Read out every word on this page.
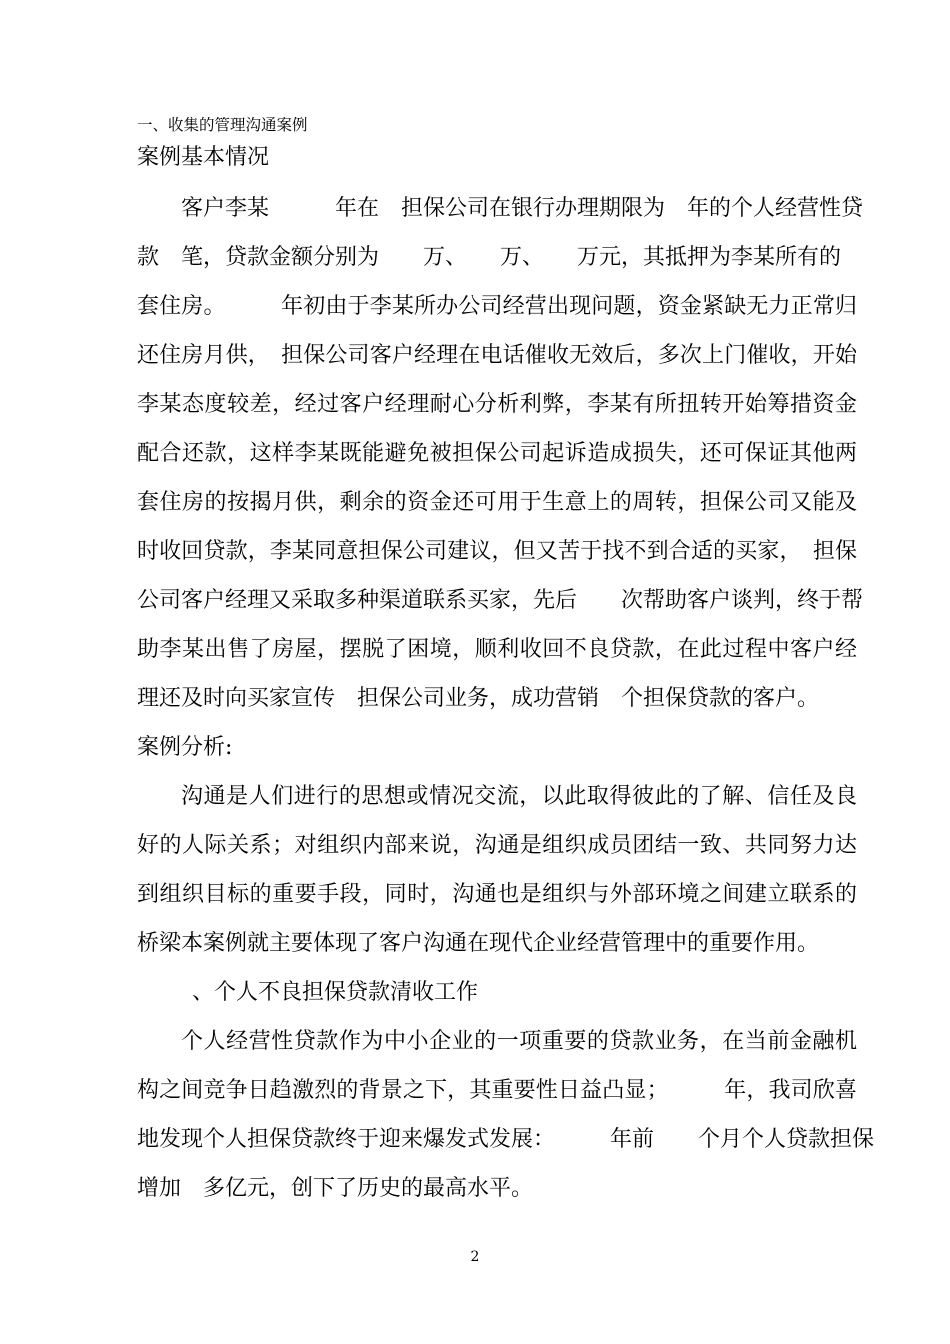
一、收集的管理沟通案例
案例基本情况
客户李某　　　年在　担保公司在银行办理期限为　年的个人经营性贷
款　笔，贷款金额分别为　　万、　　万、　　万元，其抵押为李某所有的
套住房。　　　年初由于李某所办公司经营出现问题，资金紧缺无力正常归
还住房月供，　担保公司客户经理在电话催收无效后，多次上门催收，开始
李某态度较差，经过客户经理耐心分析利弊，李某有所扭转开始筹措资金
配合还款，这样李某既能避免被担保公司起诉造成损失，还可保证其他两
套住房的按揭月供，剩余的资金还可用于生意上的周转，担保公司又能及
时收回贷款，李某同意担保公司建议，但又苦于找不到合适的买家，　担保
公司客户经理又采取多种渠道联系买家，先后　　次帮助客户谈判，终于帮
助李某出售了房屋，摆脱了困境，顺利收回不良贷款，在此过程中客户经
理还及时向买家宣传　担保公司业务，成功营销　个担保贷款的客户。
案例分析:
沟通是人们进行的思想或情况交流，以此取得彼此的了解、信任及良
好的人际关系；对组织内部来说，沟通是组织成员团结一致、共同努力达
到组织目标的重要手段，同时，沟通也是组织与外部环境之间建立联系的
桥梁本案例就主要体现了客户沟通在现代企业经营管理中的重要作用。
　、个人不良担保贷款清收工作
个人经营性贷款作为中小企业的一项重要的贷款业务，在当前金融机
构之间竞争日趋激烈的背景之下，其重要性日益凸显；　　　年，我司欣喜
地发现个人担保贷款终于迎来爆发式发展：　　　年前　　个月个人贷款担保
增加　多亿元，创下了历史的最高水平。
2
